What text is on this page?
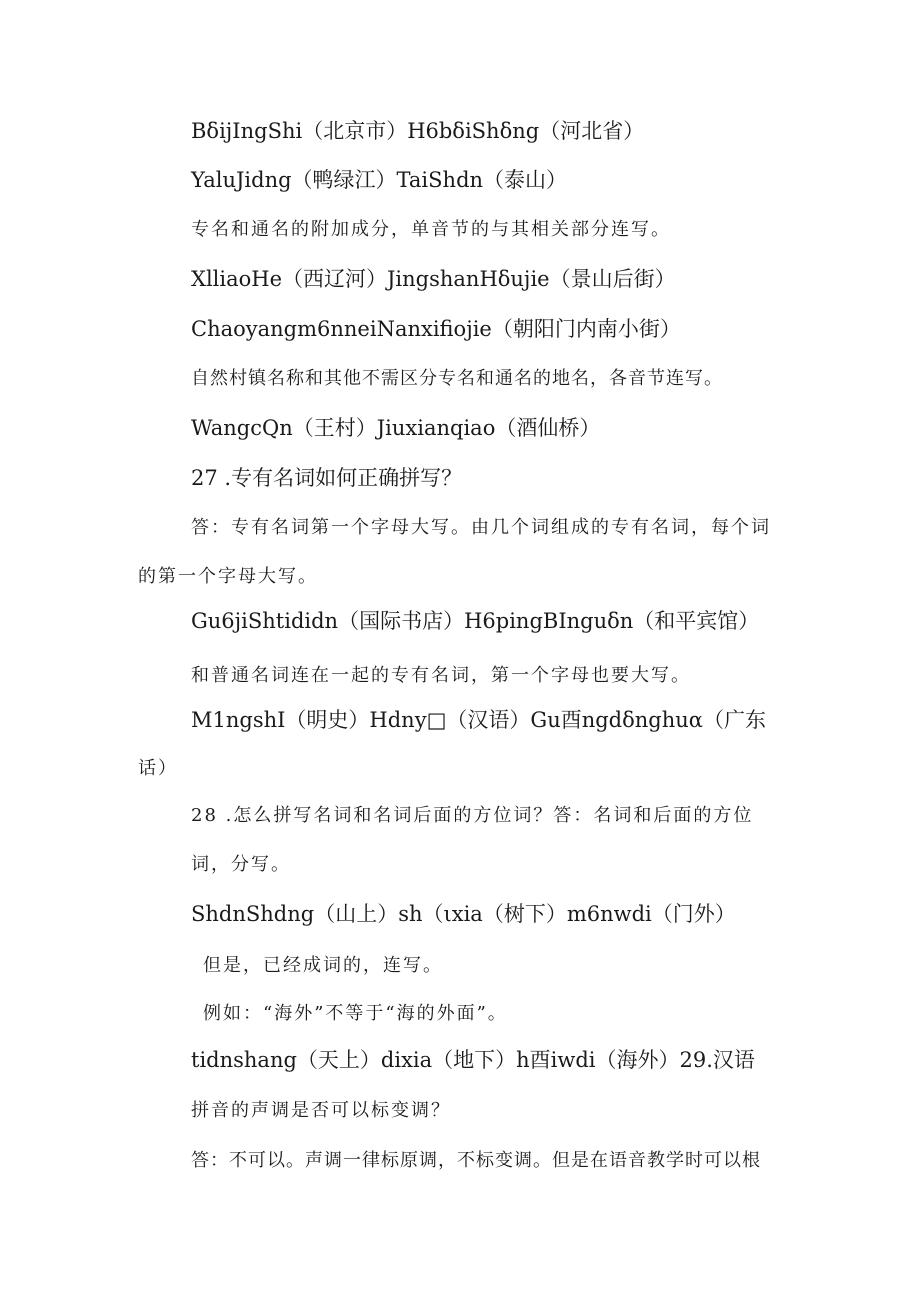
BδijIngShi（北京市）H6bδiShδng（河北省）
YaluJidng（鸭绿江）TaiShdn（泰山）
专名和通名的附加成分，单音节的与其相关部分连写。
XlliaoHe（西辽河）JingshanHδujie（景山后街）
Chaoyangm6nneiNanxifiojie（朝阳门内南小街）
自然村镇名称和其他不需区分专名和通名的地名，各音节连写。
WangcQn（王村）Jiuxianqiao（酒仙桥）
27 .专有名词如何正确拼写？
答：专有名词第一个字母大写。由几个词组成的专有名词，每个词
的第一个字母大写。
Gu6jiShtididn（国际书店）H6pingBInguδn（和平宾馆）
和普通名词连在一起的专有名词，第一个字母也要大写。
M1ngshI（明史）Hdny□（汉语）Gu酉ngdδnghuα（广东
话）
28 .怎么拼写名词和名词后面的方位词？答：名词和后面的方位
词，分写。
ShdnShdng（山上）sh（ιxia（树下）m6nwdi（门外）
但是，已经成词的，连写。
例如：“海外”不等于“海的外面”。
tidnshang（天上）dixia（地下）h酉iwdi（海外）29.汉语
拼音的声调是否可以标变调？
答：不可以。声调一律标原调，不标变调。但是在语音教学时可以根
